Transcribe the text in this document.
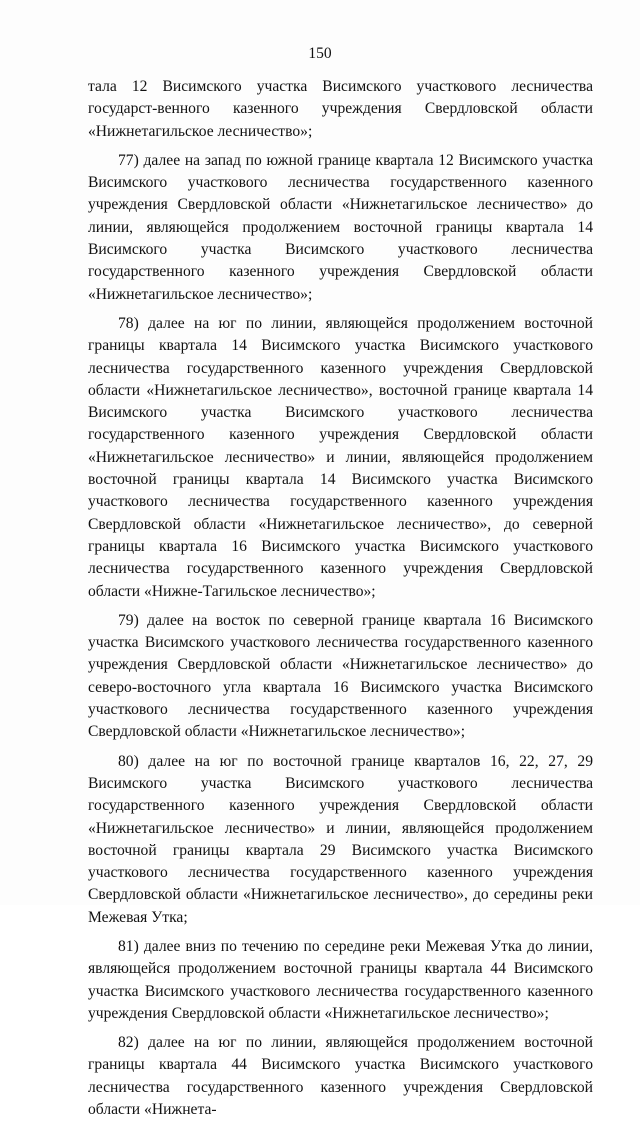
150

тала 12 Висимского участка Висимского участкового лесничества государст-венного казенного учреждения Свердловской области «Нижнетагильское лесничество»;

77) далее на запад по южной границе квартала 12 Висимского участка Висимского участкового лесничества государственного казенного учреждения Свердловской области «Нижнетагильское лесничество» до линии, являющейся продолжением восточной границы квартала 14 Висимского участка Висимского участкового лесничества государственного казенного учреждения Свердловской области «Нижнетагильское лесничество»;

78) далее на юг по линии, являющейся продолжением восточной границы квартала 14 Висимского участка Висимского участкового лесничества государственного казенного учреждения Свердловской области «Нижнетагильское лесничество», восточной границе квартала 14 Висимского участка Висимского участкового лесничества государственного казенного учреждения Свердловской области «Нижнетагильское лесничество» и линии, являющейся продолжением восточной границы квартала 14 Висимского участка Висимского участкового лесничества государственного казенного учреждения Свердловской области «Нижнетагильское лесничество», до северной границы квартала 16 Висимского участка Висимского участкового лесничества государственного казенного учреждения Свердловской области «Нижне-Тагильское лесничество»;

79) далее на восток по северной границе квартала 16 Висимского участка Висимского участкового лесничества государственного казенного учреждения Свердловской области «Нижнетагильское лесничество» до северо-восточного угла квартала 16 Висимского участка Висимского участкового лесничества государственного казенного учреждения Свердловской области «Нижнетагильское лесничество»;

80) далее на юг по восточной границе кварталов 16, 22, 27, 29 Висимского участка Висимского участкового лесничества государственного казенного учреждения Свердловской области «Нижнетагильское лесничество» и линии, являющейся продолжением восточной границы квартала 29 Висимского участка Висимского участкового лесничества государственного казенного учреждения Свердловской области «Нижнетагильское лесничество», до середины реки Межевая Утка;

81) далее вниз по течению по середине реки Межевая Утка до линии, являющейся продолжением восточной границы квартала 44 Висимского участка Висимского участкового лесничества государственного казенного учреждения Свердловской области «Нижнетагильское лесничество»;

82) далее на юг по линии, являющейся продолжением восточной границы квартала 44 Висимского участка Висимского участкового лесничества государственного казенного учреждения Свердловской области «Нижнета-
